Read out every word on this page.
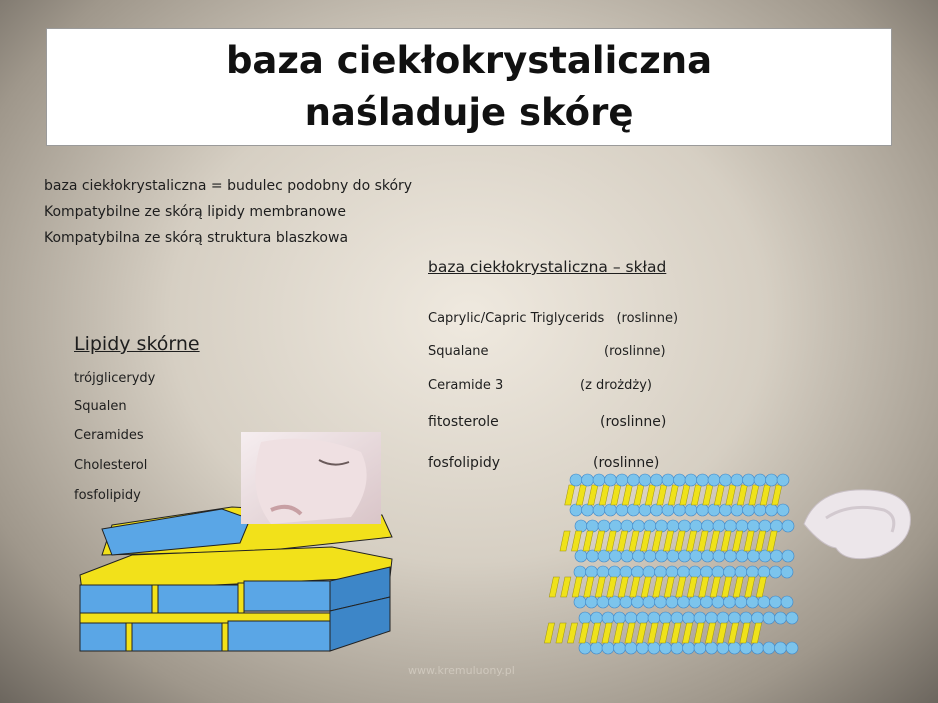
baza ciekłokrystaliczna
naśladuje skórę
baza ciekłokrystaliczna = budulec podobny do skóry
Kompatybilne ze skórą lipidy membranowe
Kompatybilna ze skórą struktura blaszkowa
baza ciekłokrystaliczna – skład
Caprylic/Capric Triglycerids (roslinne)
Squalane	(roslinne)
Ceramide 3	(z drożdży)
fitosterole	(roslinne)
fosfolipidy	(roslinne)
Lipidy skórne
trójglicerydy
Squalen
Ceramides
Cholesterol
fosfolipidy
www.kremuluony.pl
